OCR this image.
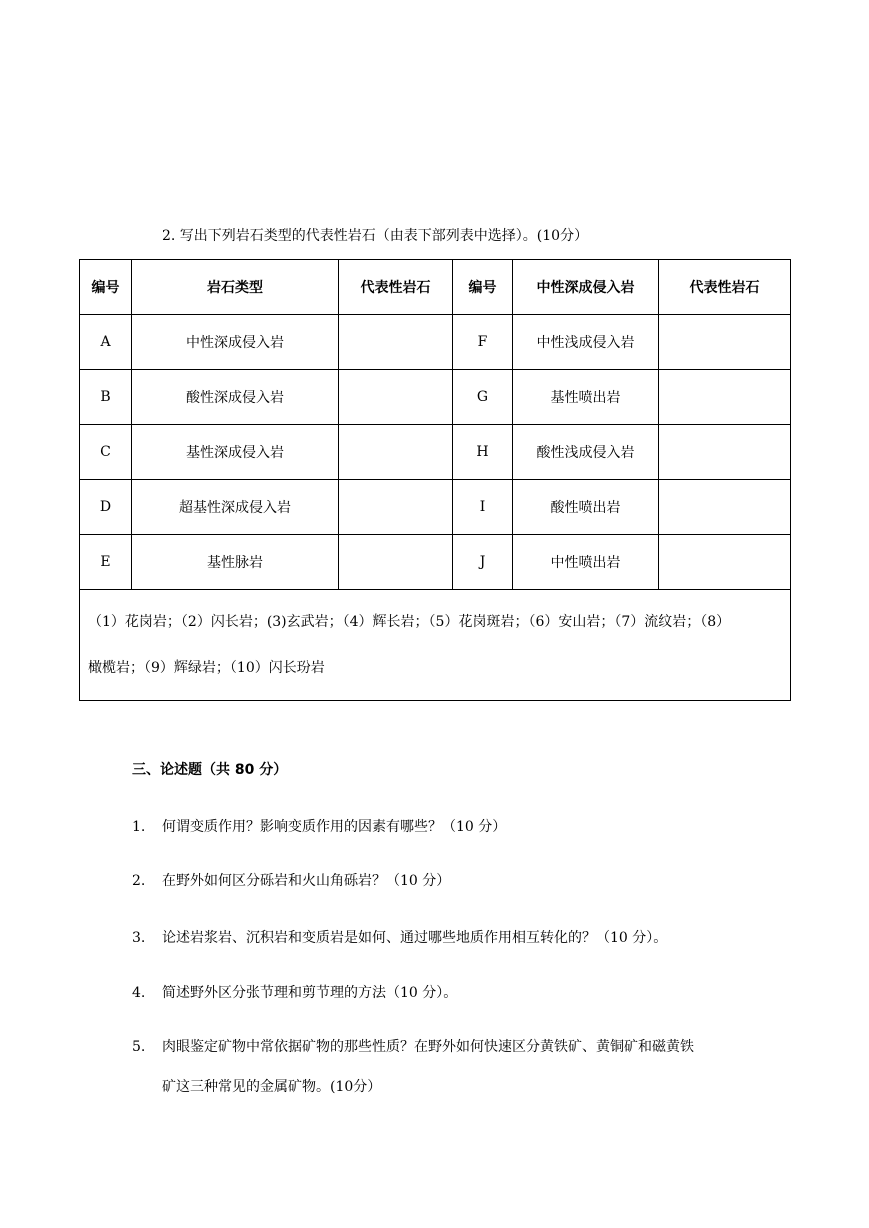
2. 写出下列岩石类型的代表性岩石（由表下部列表中选择）。(10分）
编号	岩石类型	代表性岩石	编号	中性深成侵入岩	代表性岩石
A	中性深成侵入岩		F	中性浅成侵入岩	
B	酸性深成侵入岩		G	基性喷出岩	
C	基性深成侵入岩		H	酸性浅成侵入岩	
D	超基性深成侵入岩		I	酸性喷出岩	
E	基性脉岩		J	中性喷出岩	
（1）花岗岩；（2）闪长岩；(3)玄武岩；（4）辉长岩；（5）花岗斑岩；（6）安山岩；（7）流纹岩；（8）
橄榄岩；（9）辉绿岩；（10）闪长玢岩					
三、论述题（共 80 分）
1.	何谓变质作用？影响变质作用的因素有哪些？（10 分）
2.	在野外如何区分砾岩和火山角砾岩？（10 分）
3.	论述岩浆岩、沉积岩和变质岩是如何、通过哪些地质作用相互转化的？（10 分）。
4.	简述野外区分张节理和剪节理的方法（10 分）。
5.	肉眼鉴定矿物中常依据矿物的那些性质？在野外如何快速区分黄铁矿、黄铜矿和磁黄铁
矿这三种常见的金属矿物。(10分）
